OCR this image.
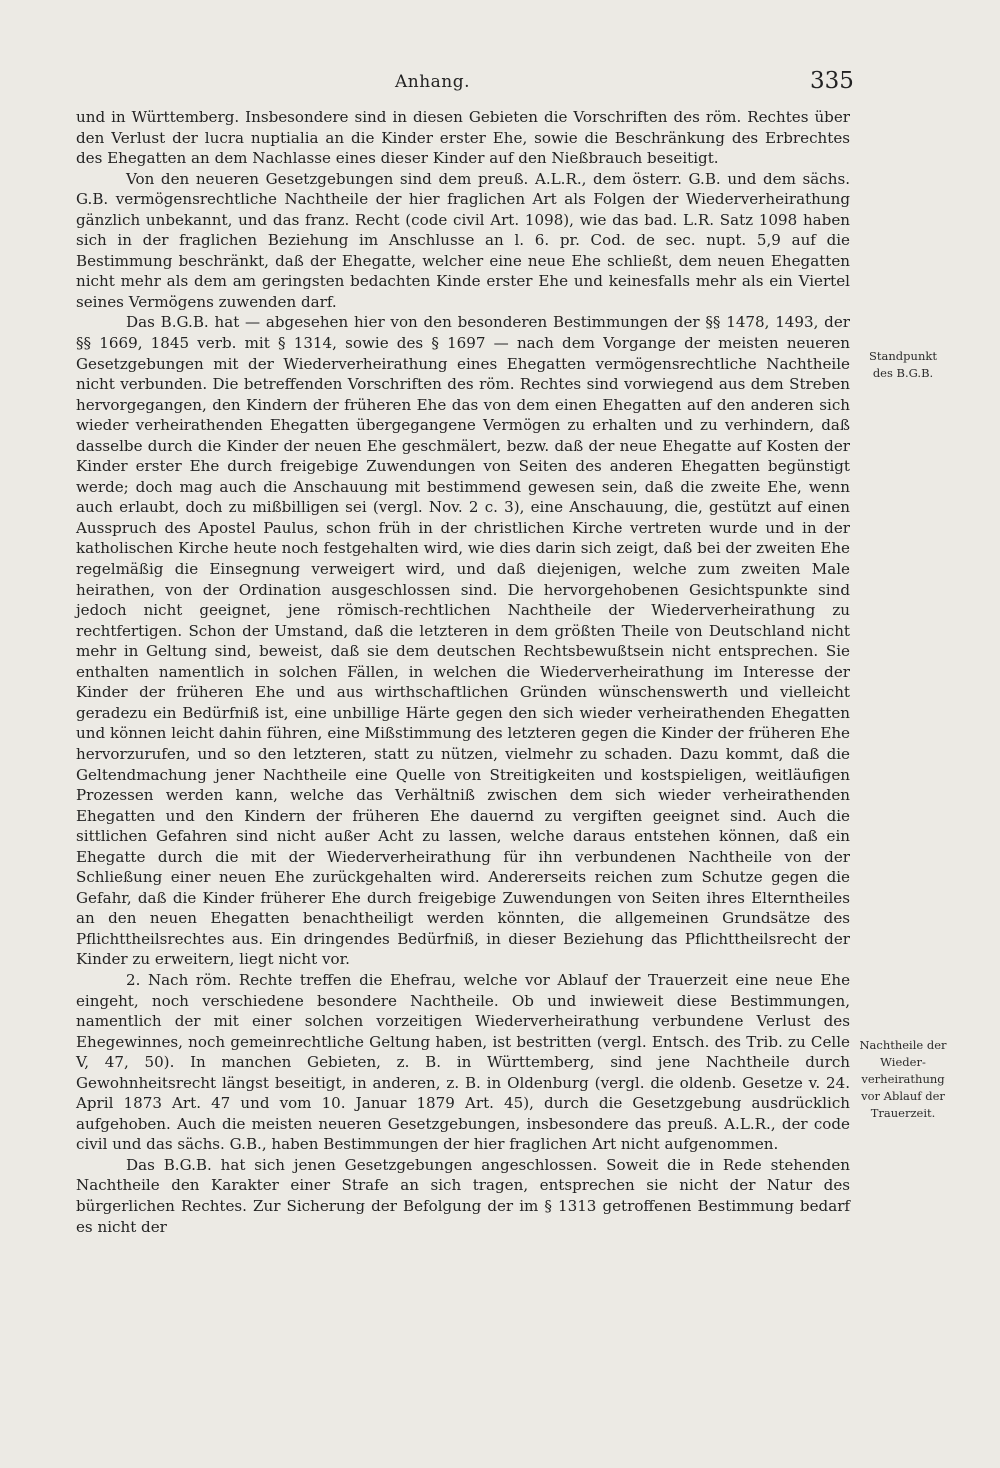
Anhang.	335

und in Württemberg. Insbesondere sind in diesen Gebieten die Vorschriften des röm. Rechtes über den Verlust der lucra nuptialia an die Kinder erster Ehe, sowie die Beschränkung des Erbrechtes des Ehegatten an dem Nachlasse eines dieser Kinder auf den Nießbrauch beseitigt.

Von den neueren Gesetzgebungen sind dem preuß. A.L.R., dem österr. G.B. und dem sächs. G.B. vermögensrechtliche Nachtheile der hier fraglichen Art als Folgen der Wiederverheirathung gänzlich unbekannt, und das franz. Recht (code civil Art. 1098), wie das bad. L.R. Satz 1098 haben sich in der fraglichen Beziehung im Anschlusse an l. 6. pr. Cod. de sec. nupt. 5,9 auf die Bestimmung beschränkt, daß der Ehegatte, welcher eine neue Ehe schließt, dem neuen Ehegatten nicht mehr als dem am geringsten bedachten Kinde erster Ehe und keinesfalls mehr als ein Viertel seines Vermögens zuwenden darf.

Das B.G.B. hat — abgesehen hier von den besonderen Bestimmungen der §§ 1478, 1493, der §§ 1669, 1845 verb. mit § 1314, sowie des § 1697 — nach dem Vorgange der meisten neueren Gesetzgebungen mit der Wiederverheirathung eines Ehegatten vermögensrechtliche Nachtheile nicht verbunden. Die betreffenden Vorschriften des röm. Rechtes sind vorwiegend aus dem Streben hervorgegangen, den Kindern der früheren Ehe das von dem einen Ehegatten auf den anderen sich wieder verheirathenden Ehegatten übergegangene Vermögen zu erhalten und zu verhindern, daß dasselbe durch die Kinder der neuen Ehe geschmälert, bezw. daß der neue Ehegatte auf Kosten der Kinder erster Ehe durch freigebige Zuwendungen von Seiten des anderen Ehegatten begünstigt werde; doch mag auch die Anschauung mit bestimmend gewesen sein, daß die zweite Ehe, wenn auch erlaubt, doch zu mißbilligen sei (vergl. Nov. 2 c. 3), eine Anschauung, die, gestützt auf einen Ausspruch des Apostel Paulus, schon früh in der christlichen Kirche vertreten wurde und in der katholischen Kirche heute noch festgehalten wird, wie dies darin sich zeigt, daß bei der zweiten Ehe regelmäßig die Einsegnung verweigert wird, und daß diejenigen, welche zum zweiten Male heirathen, von der Ordination ausgeschlossen sind. Die hervorgehobenen Gesichtspunkte sind jedoch nicht geeignet, jene römisch-rechtlichen Nachtheile der Wiederverheirathung zu rechtfertigen. Schon der Umstand, daß die letzteren in dem größten Theile von Deutschland nicht mehr in Geltung sind, beweist, daß sie dem deutschen Rechtsbewußtsein nicht entsprechen. Sie enthalten namentlich in solchen Fällen, in welchen die Wiederverheirathung im Interesse der Kinder der früheren Ehe und aus wirthschaftlichen Gründen wünschenswerth und vielleicht geradezu ein Bedürfniß ist, eine unbillige Härte gegen den sich wieder verheirathenden Ehegatten und können leicht dahin führen, eine Mißstimmung des letzteren gegen die Kinder der früheren Ehe hervorzurufen, und so den letzteren, statt zu nützen, vielmehr zu schaden. Dazu kommt, daß die Geltendmachung jener Nachtheile eine Quelle von Streitigkeiten und kostspieligen, weitläufigen Prozessen werden kann, welche das Verhältniß zwischen dem sich wieder verheirathenden Ehegatten und den Kindern der früheren Ehe dauernd zu vergiften geeignet sind. Auch die sittlichen Gefahren sind nicht außer Acht zu lassen, welche daraus entstehen können, daß ein Ehegatte durch die mit der Wiederverheirathung für ihn verbundenen Nachtheile von der Schließung einer neuen Ehe zurückgehalten wird. Andererseits reichen zum Schutze gegen die Gefahr, daß die Kinder früherer Ehe durch freigebige Zuwendungen von Seiten ihres Elterntheiles an den neuen Ehegatten benachtheiligt werden könnten, die allgemeinen Grundsätze des Pflichttheilsrechtes aus. Ein dringendes Bedürfniß, in dieser Beziehung das Pflichttheilsrecht der Kinder zu erweitern, liegt nicht vor.

2. Nach röm. Rechte treffen die Ehefrau, welche vor Ablauf der Trauerzeit eine neue Ehe eingeht, noch verschiedene besondere Nachtheile. Ob und inwieweit diese Bestimmungen, namentlich der mit einer solchen vorzeitigen Wiederverheirathung verbundene Verlust des Ehegewinnes, noch gemeinrechtliche Geltung haben, ist bestritten (vergl. Entsch. des Trib. zu Celle V, 47, 50). In manchen Gebieten, z. B. in Württemberg, sind jene Nachtheile durch Gewohnheitsrecht längst beseitigt, in anderen, z. B. in Oldenburg (vergl. die oldenb. Gesetze v. 24. April 1873 Art. 47 und vom 10. Januar 1879 Art. 45), durch die Gesetzgebung ausdrücklich aufgehoben. Auch die meisten neueren Gesetzgebungen, insbesondere das preuß. A.L.R., der code civil und das sächs. G.B., haben Bestimmungen der hier fraglichen Art nicht aufgenommen.

Das B.G.B. hat sich jenen Gesetzgebungen angeschlossen. Soweit die in Rede stehenden Nachtheile den Karakter einer Strafe an sich tragen, entsprechen sie nicht der Natur des bürgerlichen Rechtes. Zur Sicherung der Befolgung der im § 1313 getroffenen Bestimmung bedarf es nicht der

Standpunkt
des B.G.B.
Nachtheile der
Wieder-
verheirathung
vor Ablauf der
Trauerzeit.
